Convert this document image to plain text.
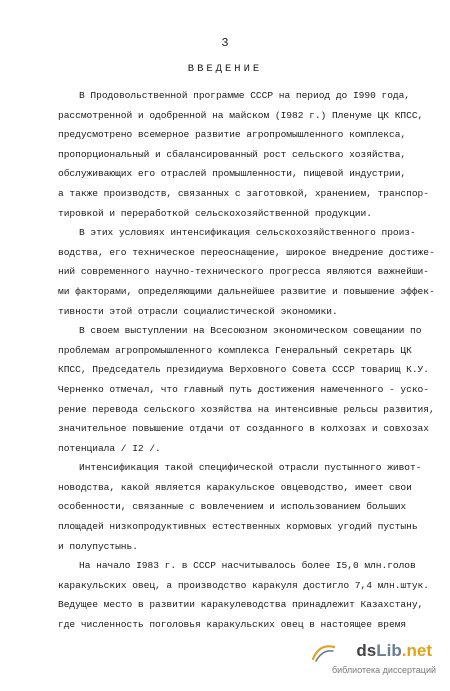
3
ВВЕДЕНИЕ
В Продовольственной программе СССР на период до I990 года,
рассмотренной и одобренной на майском (I982 г.) Пленуме ЦК КПСС,
предусмотрено всемерное развитие агропромышленного комплекса,
пропорциональный и сбалансированный рост сельского хозяйства,
обслуживающих его отраслей промышленности, пищевой индустрии,
а также производств, связанных с заготовкой, хранением, транспор-
тировкой и переработкой сельскохозяйственной продукции.
В этих условиях интенсификация сельскохозяйственного произ-
водства, его техническое переоснащение, широкое внедрение достиже-
ний современного научно-технического прогресса являются важнейши-
ми факторами, определяющими дальнейшее развитие и повышение эффек-
тивности этой отрасли социалистической экономики.
В своем выступлении на Всесоюзном экономическом совещании по
проблемам агропромышленного комплекса Генеральный секретарь ЦК
КПСС, Председатель президиума Верховного Совета СССР товарищ К.У.
Черненко отмечал, что главный путь достижения намеченного - уско-
рение перевода сельского хозяйства на интенсивные рельсы развития,
значительное повышение отдачи от созданного в колхозах и совхозах
потенциала / I2 /.
Интенсификация такой специфической отрасли пустынного живот-
новодства, какой является каракульское овцеводство, имеет свои
особенности, связанные с вовлечением и использованием больших
площадей низкопродуктивных естественных кормовых угодий пустынь
и полупустынь.
На начало I983 г. в СССР насчитывалось более I5,0 млн.голов
каракульских овец, а производство каракуля достигло 7,4 млн.штук.
Ведущее место в развитии каракулеводства принадлежит Казахстану,
где численность поголовья каракульских овец в настоящее время
dsLib.net
библиотека диссертаций
